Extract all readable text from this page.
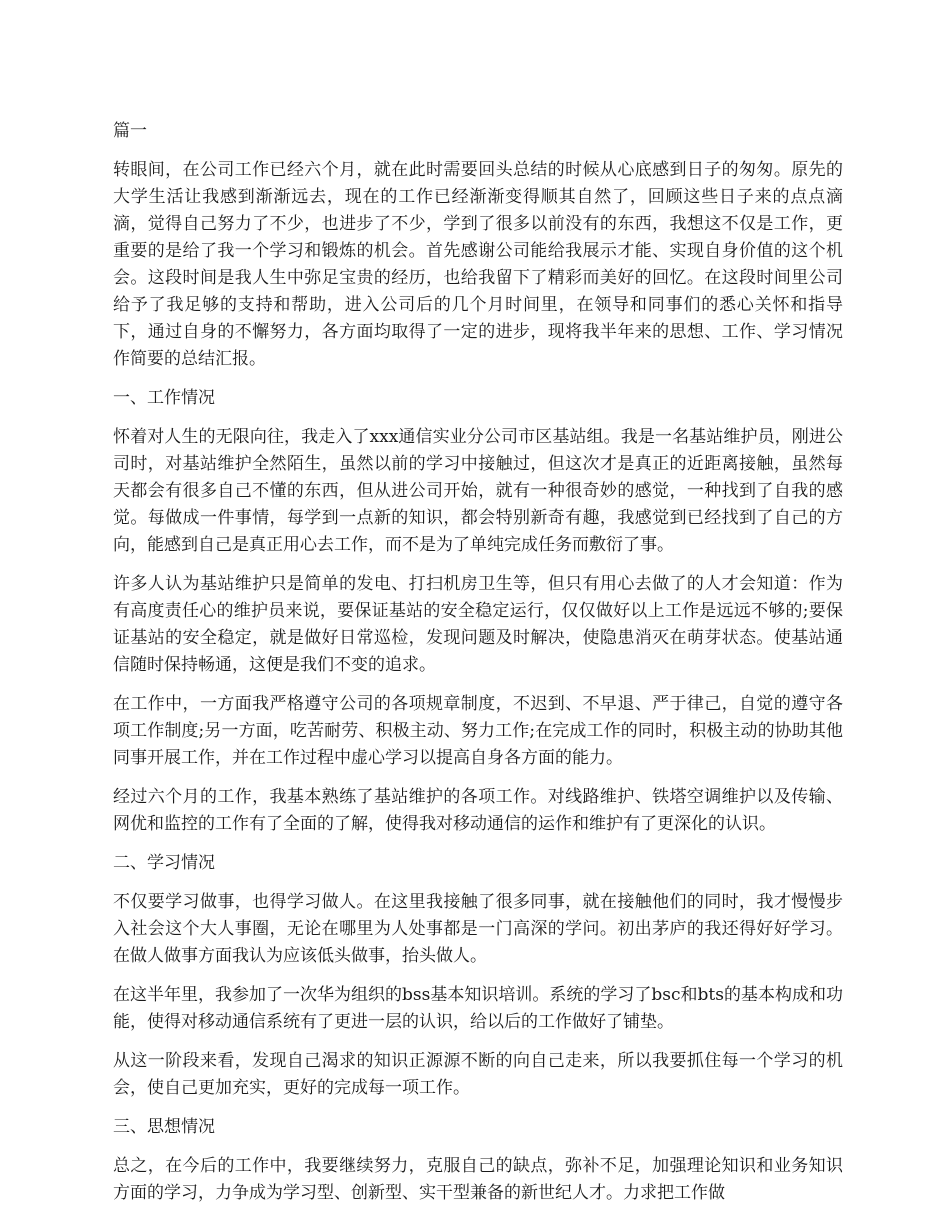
篇一

转眼间，在公司工作已经六个月，就在此时需要回头总结的时候从心底感到日子的匆匆。原先的大学生活让我感到渐渐远去，现在的工作已经渐渐变得顺其自然了，回顾这些日子来的点点滴滴，觉得自己努力了不少，也进步了不少，学到了很多以前没有的东西，我想这不仅是工作，更重要的是给了我一个学习和锻炼的机会。首先感谢公司能给我展示才能、实现自身价值的这个机会。这段时间是我人生中弥足宝贵的经历，也给我留下了精彩而美好的回忆。在这段时间里公司给予了我足够的支持和帮助，进入公司后的几个月时间里，在领导和同事们的悉心关怀和指导下，通过自身的不懈努力，各方面均取得了一定的进步，现将我半年来的思想、工作、学习情况作简要的总结汇报。

一、工作情况

怀着对人生的无限向往，我走入了xxx通信实业分公司市区基站组。我是一名基站维护员，刚进公司时，对基站维护全然陌生，虽然以前的学习中接触过，但这次才是真正的近距离接触，虽然每天都会有很多自己不懂的东西，但从进公司开始，就有一种很奇妙的感觉，一种找到了自我的感觉。每做成一件事情，每学到一点新的知识，都会特别新奇有趣，我感觉到已经找到了自己的方向，能感到自己是真正用心去工作，而不是为了单纯完成任务而敷衍了事。

许多人认为基站维护只是简单的发电、打扫机房卫生等，但只有用心去做了的人才会知道：作为有高度责任心的维护员来说，要保证基站的安全稳定运行，仅仅做好以上工作是远远不够的;要保证基站的安全稳定，就是做好日常巡检，发现问题及时解决，使隐患消灭在萌芽状态。使基站通信随时保持畅通，这便是我们不变的追求。

在工作中，一方面我严格遵守公司的各项规章制度，不迟到、不早退、严于律己，自觉的遵守各项工作制度;另一方面，吃苦耐劳、积极主动、努力工作;在完成工作的同时，积极主动的协助其他同事开展工作，并在工作过程中虚心学习以提高自身各方面的能力。

经过六个月的工作，我基本熟练了基站维护的各项工作。对线路维护、铁塔空调维护以及传输、网优和监控的工作有了全面的了解，使得我对移动通信的运作和维护有了更深化的认识。

二、学习情况

不仅要学习做事，也得学习做人。在这里我接触了很多同事，就在接触他们的同时，我才慢慢步入社会这个大人事圈，无论在哪里为人处事都是一门高深的学问。初出茅庐的我还得好好学习。在做人做事方面我认为应该低头做事，抬头做人。

在这半年里，我参加了一次华为组织的bss基本知识培训。系统的学习了bsc和bts的基本构成和功能，使得对移动通信系统有了更进一层的认识，给以后的工作做好了铺垫。

从这一阶段来看，发现自己渴求的知识正源源不断的向自己走来，所以我要抓住每一个学习的机会，使自己更加充实，更好的完成每一项工作。

三、思想情况

总之，在今后的工作中，我要继续努力，克服自己的缺点，弥补不足，加强理论知识和业务知识方面的学习，力争成为学习型、创新型、实干型兼备的新世纪人才。力求把工作做
